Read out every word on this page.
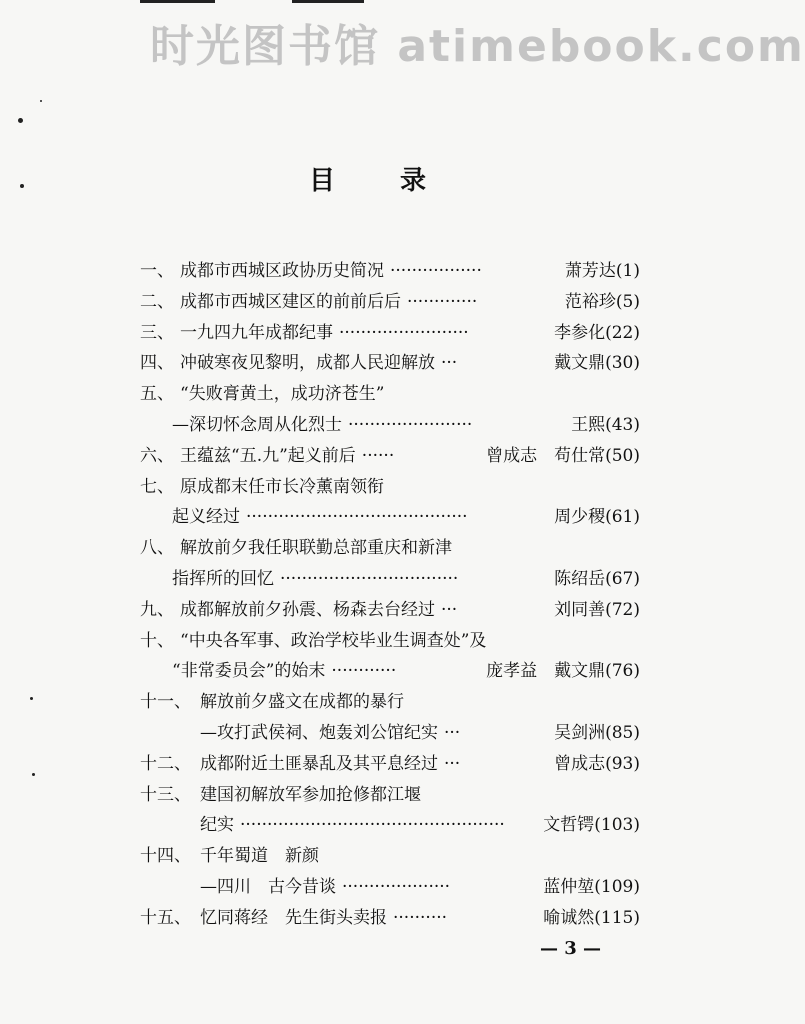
时光图书馆 atimebook.com
目 录
一、 成都市西城区政协历史简况 ·················	萧芳达(1)
二、 成都市西城区建区的前前后后 ·············	范裕珍(5)
三、 一九四九年成都纪事 ························	李参化(22)
四、 冲破寒夜见黎明，成都人民迎解放 ···	戴文鼎(30)
五、 “失败膏黄土，成功济苍生”
—深切怀念周从化烈士 ·······················	王熙(43)
六、 王蕴兹“五.九”起义前后 ······	曾成志　苟仕常(50)
七、 原成都末任市长冷薰南领衔
起义经过 ·········································	周少稷(61)
八、 解放前夕我任职联勤总部重庆和新津
指挥所的回忆 ·································	陈绍岳(67)
九、 成都解放前夕孙震、杨森去台经过 ···	刘同善(72)
十、 “中央各军事、政治学校毕业生调查处”及
“非常委员会”的始末 ············	庞孝益　戴文鼎(76)
十一、 解放前夕盛文在成都的暴行
—攻打武侯祠、炮轰刘公馆纪实 ···	吴剑洲(85)
十二、 成都附近土匪暴乱及其平息经过 ···	曾成志(93)
十三、 建国初解放军参加抢修都江堰
纪实 ·················································	文哲锷(103)
十四、 千年蜀道　新颜
—四川　古今昔谈 ····················	蓝仲堃(109)
十五、 忆同蒋经　先生街头卖报 ··········	喻诚然(115)
— 3 —
